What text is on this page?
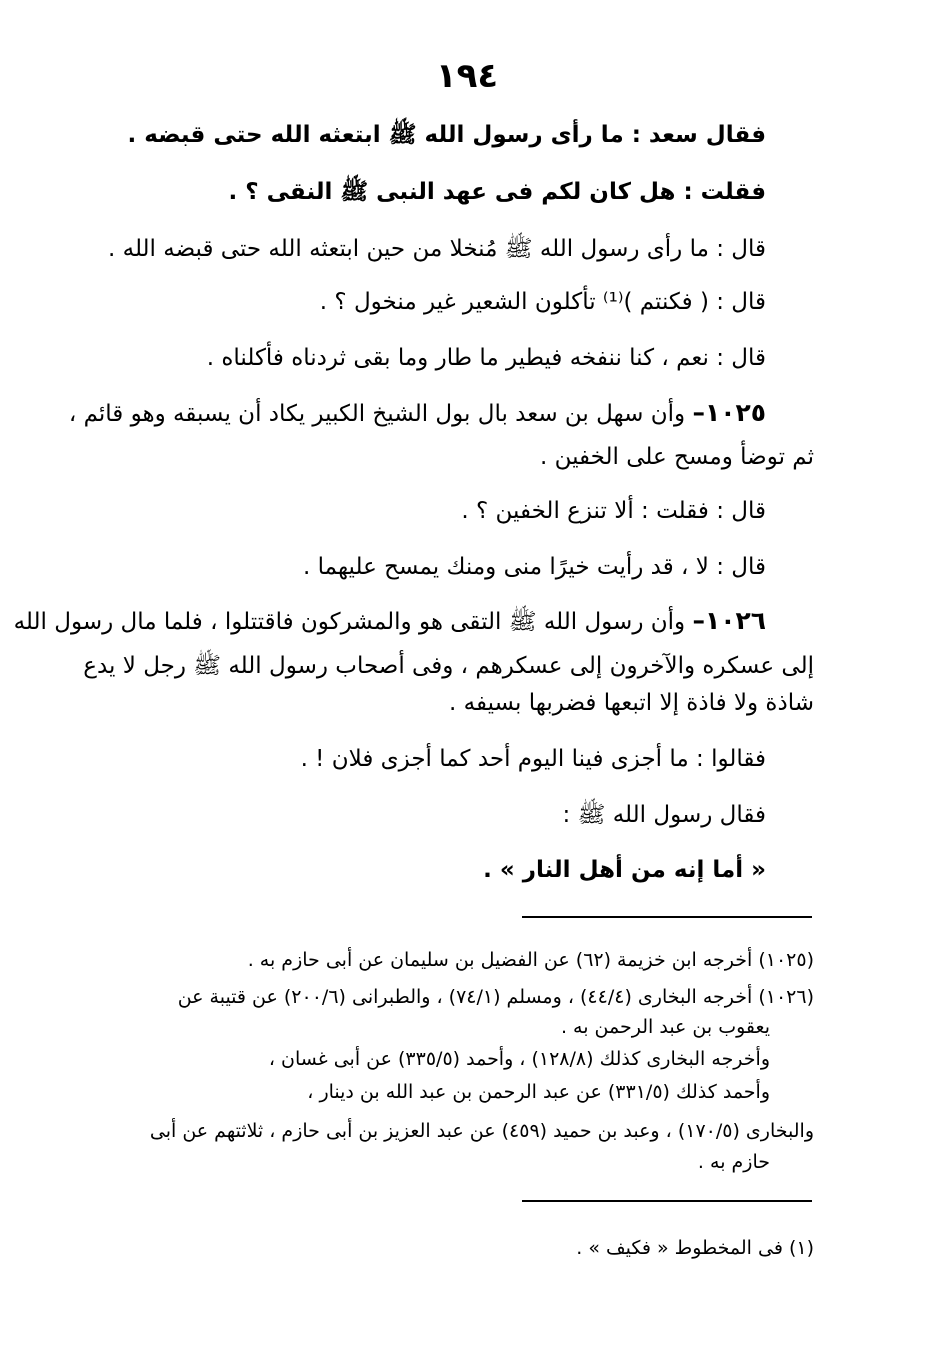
١٩٤
فقال سعد : ما رأى رسول الله ﷺ ابتعثه الله حتى قبضه .
فقلت : هل كان لكم فى عهد النبى ﷺ النقى ؟ .
قال : ما رأى رسول الله ﷺ مُنخلا من حين ابتعثه الله حتى قبضه الله .
قال : ( فكنتم )⁽¹⁾ تأكلون الشعير غير منخول ؟ .
قال : نعم ، كنا ننفخه فيطير ما طار وما بقى ثردناه فأكلناه .
١٠٢٥– وأن سهل بن سعد بال بول الشيخ الكبير يكاد أن يسبقه وهو قائم ،
ثم توضأ ومسح على الخفين .
قال : فقلت : ألا تنزع الخفين ؟ .
قال : لا ، قد رأيت خيرًا منى ومنك يمسح عليهما .
١٠٢٦– وأن رسول الله ﷺ التقى هو والمشركون فاقتتلوا ، فلما مال رسول الله
إلى عسكره والآخرون إلى عسكرهم ، وفى أصحاب رسول الله ﷺ رجل لا يدع
شاذة ولا فاذة إلا اتبعها فضربها بسيفه .
فقالوا : ما أجزى فينا اليوم أحد كما أجزى فلان ! .
فقال رسول الله ﷺ :
« أما إنه من أهل النار » .
(١٠٢٥) أخرجه ابن خزيمة (٦٢) عن الفضيل بن سليمان عن أبى حازم به .
(١٠٢٦) أخرجه البخارى (٤٤/٤) ، ومسلم (٧٤/١) ، والطبرانى (٢٠٠/٦) عن قتيبة عن
يعقوب بن عبد الرحمن به .
وأخرجه البخارى كذلك (١٢٨/٨) ، وأحمد (٣٣٥/٥) عن أبى غسان ،
وأحمد كذلك (٣٣١/٥) عن عبد الرحمن بن عبد الله بن دينار ،
والبخارى (١٧٠/٥) ، وعبد بن حميد (٤٥٩) عن عبد العزيز بن أبى حازم ، ثلاثتهم عن أبى
حازم به .
(١) فى المخطوط « فكيف » .
